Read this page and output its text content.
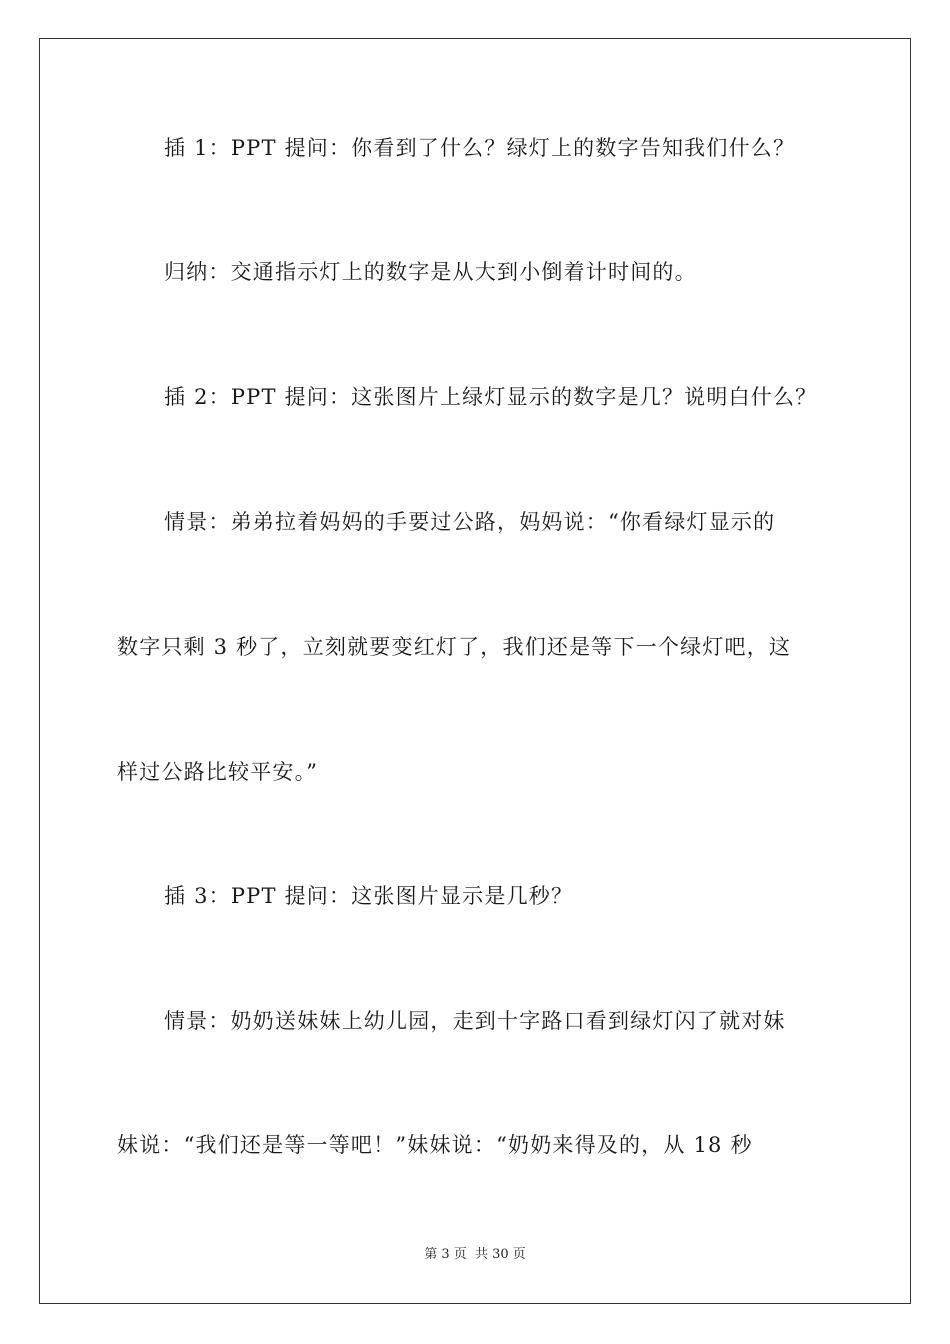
插 1：PPT 提问：你看到了什么？绿灯上的数字告知我们什么？
归纳：交通指示灯上的数字是从大到小倒着计时间的。
插 2：PPT 提问：这张图片上绿灯显示的数字是几？说明白什么？
情景：弟弟拉着妈妈的手要过公路，妈妈说：“你看绿灯显示的
数字只剩 3 秒了，立刻就要变红灯了，我们还是等下一个绿灯吧，这
样过公路比较平安。”
插 3：PPT 提问：这张图片显示是几秒？
情景：奶奶送妹妹上幼儿园，走到十字路口看到绿灯闪了就对妹
妹说：“我们还是等一等吧！”妹妹说：“奶奶来得及的，从 18 秒
第 3 页 共 30 页
